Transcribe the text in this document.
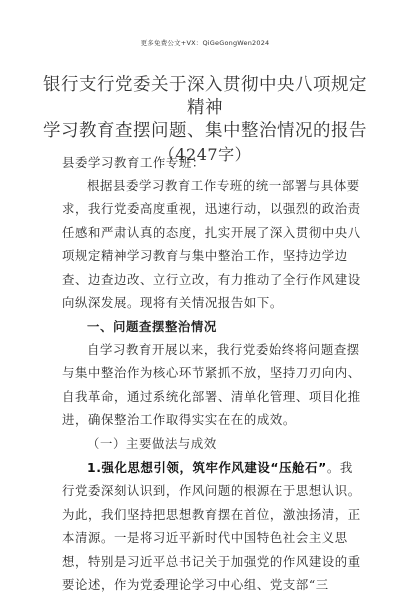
更多免费公文+VX：QiGeGongWen2024
银行支行党委关于深入贯彻中央八项规定精神
学习教育查摆问题、集中整治情况的报告
（4247字）

县委学习教育工作专班：

根据县委学习教育工作专班的统一部署与具体要求，我行党委高度重视，迅速行动，以强烈的政治责任感和严肃认真的态度，扎实开展了深入贯彻中央八项规定精神学习教育与集中整治工作，坚持边学边查、边查边改、立行立改，有力推动了全行作风建设向纵深发展。现将有关情况报告如下。

一、问题查摆整治情况

自学习教育开展以来，我行党委始终将问题查摆与集中整治作为核心环节紧抓不放，坚持刀刃向内、自我革命，通过系统化部署、清单化管理、项目化推进，确保整治工作取得实实在在的成效。

（一）主要做法与成效

1.强化思想引领，筑牢作风建设“压舱石”。我行党委深刻认识到，作风问题的根源在于思想认识。为此，我们坚持把思想教育摆在首位，激浊扬清，正本清源。一是将习近平新时代中国特色社会主义思想，特别是习近平总书记关于加强党的作风建设的重要论述，作为党委理论学习中心组、党支部“三
